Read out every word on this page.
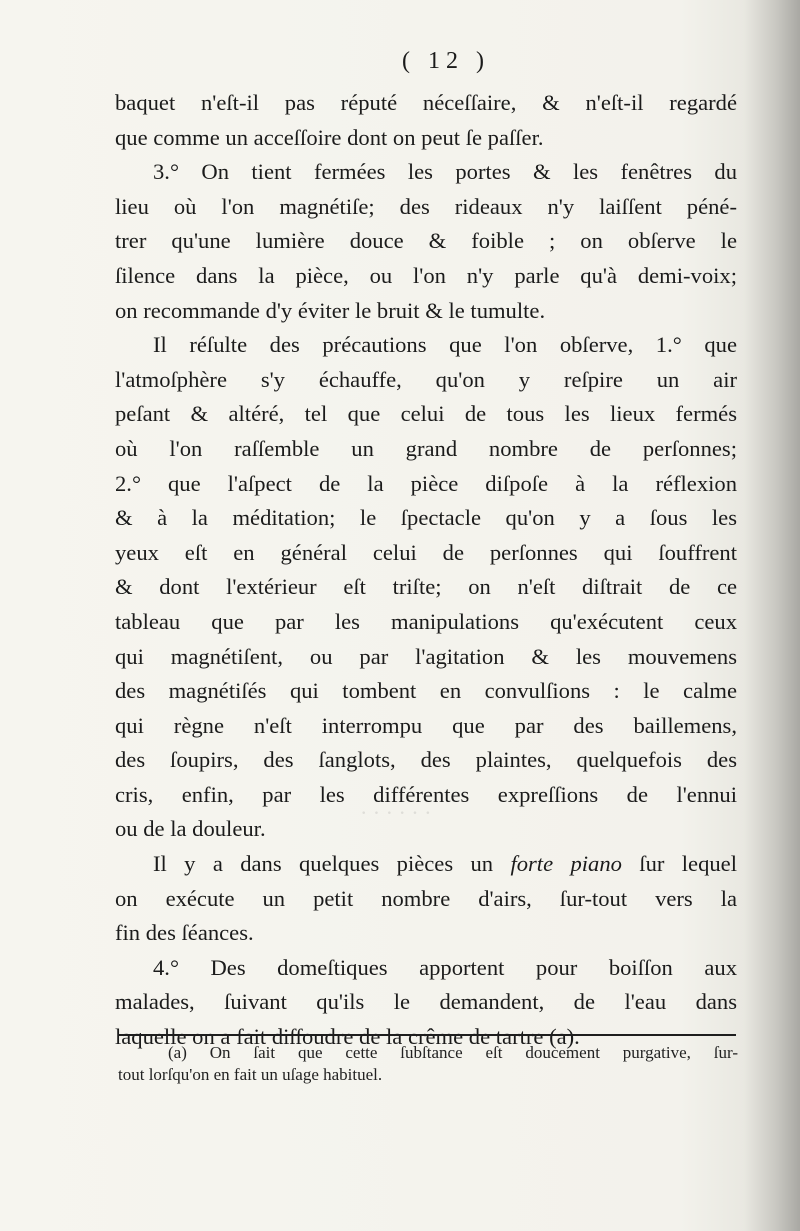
· · · · · ·
( 12 )
baquet n'eſt-il pas réputé néceſſaire, & n'eſt-il regardé
que comme un acceſſoire dont on peut ſe paſſer.
3.° On tient fermées les portes & les fenêtres du
lieu où l'on magnétiſe; des rideaux n'y laiſſent péné-
trer qu'une lumière douce & foible ; on obſerve le
ſilence dans la pièce, ou l'on n'y parle qu'à demi-voix;
on recommande d'y éviter le bruit & le tumulte.
Il réſulte des précautions que l'on obſerve, 1.° que
l'atmoſphère s'y échauffe, qu'on y reſpire un air
peſant & altéré, tel que celui de tous les lieux fermés
où l'on raſſemble un grand nombre de perſonnes;
2.° que l'aſpect de la pièce diſpoſe à la réflexion
& à la méditation; le ſpectacle qu'on y a ſous les
yeux eſt en général celui de perſonnes qui ſouffrent
& dont l'extérieur eſt triſte; on n'eſt diſtrait de ce
tableau que par les manipulations qu'exécutent ceux
qui magnétiſent, ou par l'agitation & les mouvemens
des magnétiſés qui tombent en convulſions : le calme
qui règne n'eſt interrompu que par des baillemens,
des ſoupirs, des ſanglots, des plaintes, quelquefois des
cris, enfin, par les différentes expreſſions de l'ennui
ou de la douleur.
Il y a dans quelques pièces un forte piano ſur lequel
on exécute un petit nombre d'airs, ſur-tout vers la
fin des ſéances.
4.° Des domeſtiques apportent pour boiſſon aux
malades, ſuivant qu'ils le demandent, de l'eau dans
laquelle on a fait diſſoudre de la crême de tartre (a).
(a) On ſait que cette ſubſtance eſt doucement purgative, ſur-
tout lorſqu'on en fait un uſage habituel.
